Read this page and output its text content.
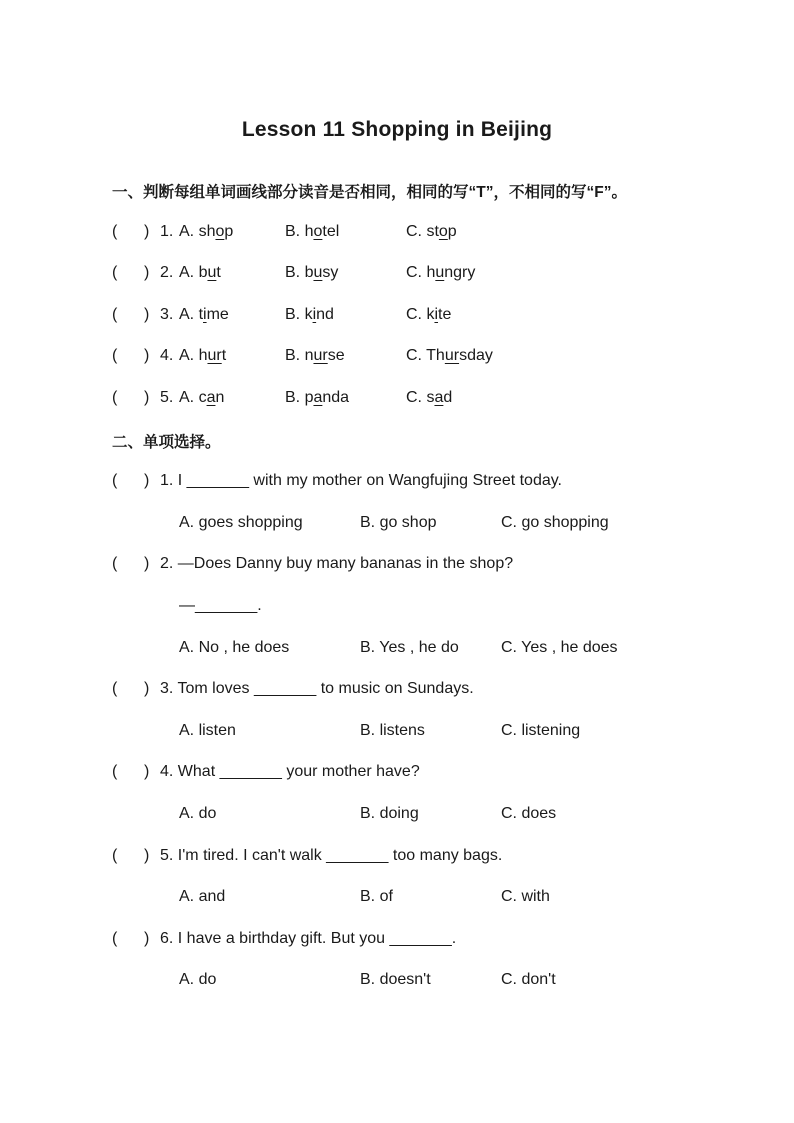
Lesson 11 Shopping in Beijing
一、判断每组单词画线部分读音是否相同，相同的写“T”，不相同的写“F”。
(      ) 1. A. shop	B. hotel	C. stop
(      ) 2. A. but	B. busy	C. hungry
(      ) 3. A. time	B. kind	C. kite
(      ) 4. A. hurt	B. nurse	C. Thursday
(      ) 5. A. can	B. panda	C. sad
二、单项选择。
(      ) 1. I _______ with my mother on Wangfujing Street today.
A. goes shopping	B. go shop	C. go shopping
(      ) 2. —Does Danny buy many bananas in the shop?
—_______.
A. No , he does	B. Yes , he do	C. Yes , he does
(      ) 3. Tom loves _______ to music on Sundays.
A. listen	B. listens	C. listening
(      ) 4. What _______ your mother have?
A. do	B. doing	C. does
(      ) 5. I'm tired. I can't walk _______ too many bags.
A. and	B. of	C. with
(      ) 6. I have a birthday gift. But you _______.
A. do	B. doesn't	C. don't
